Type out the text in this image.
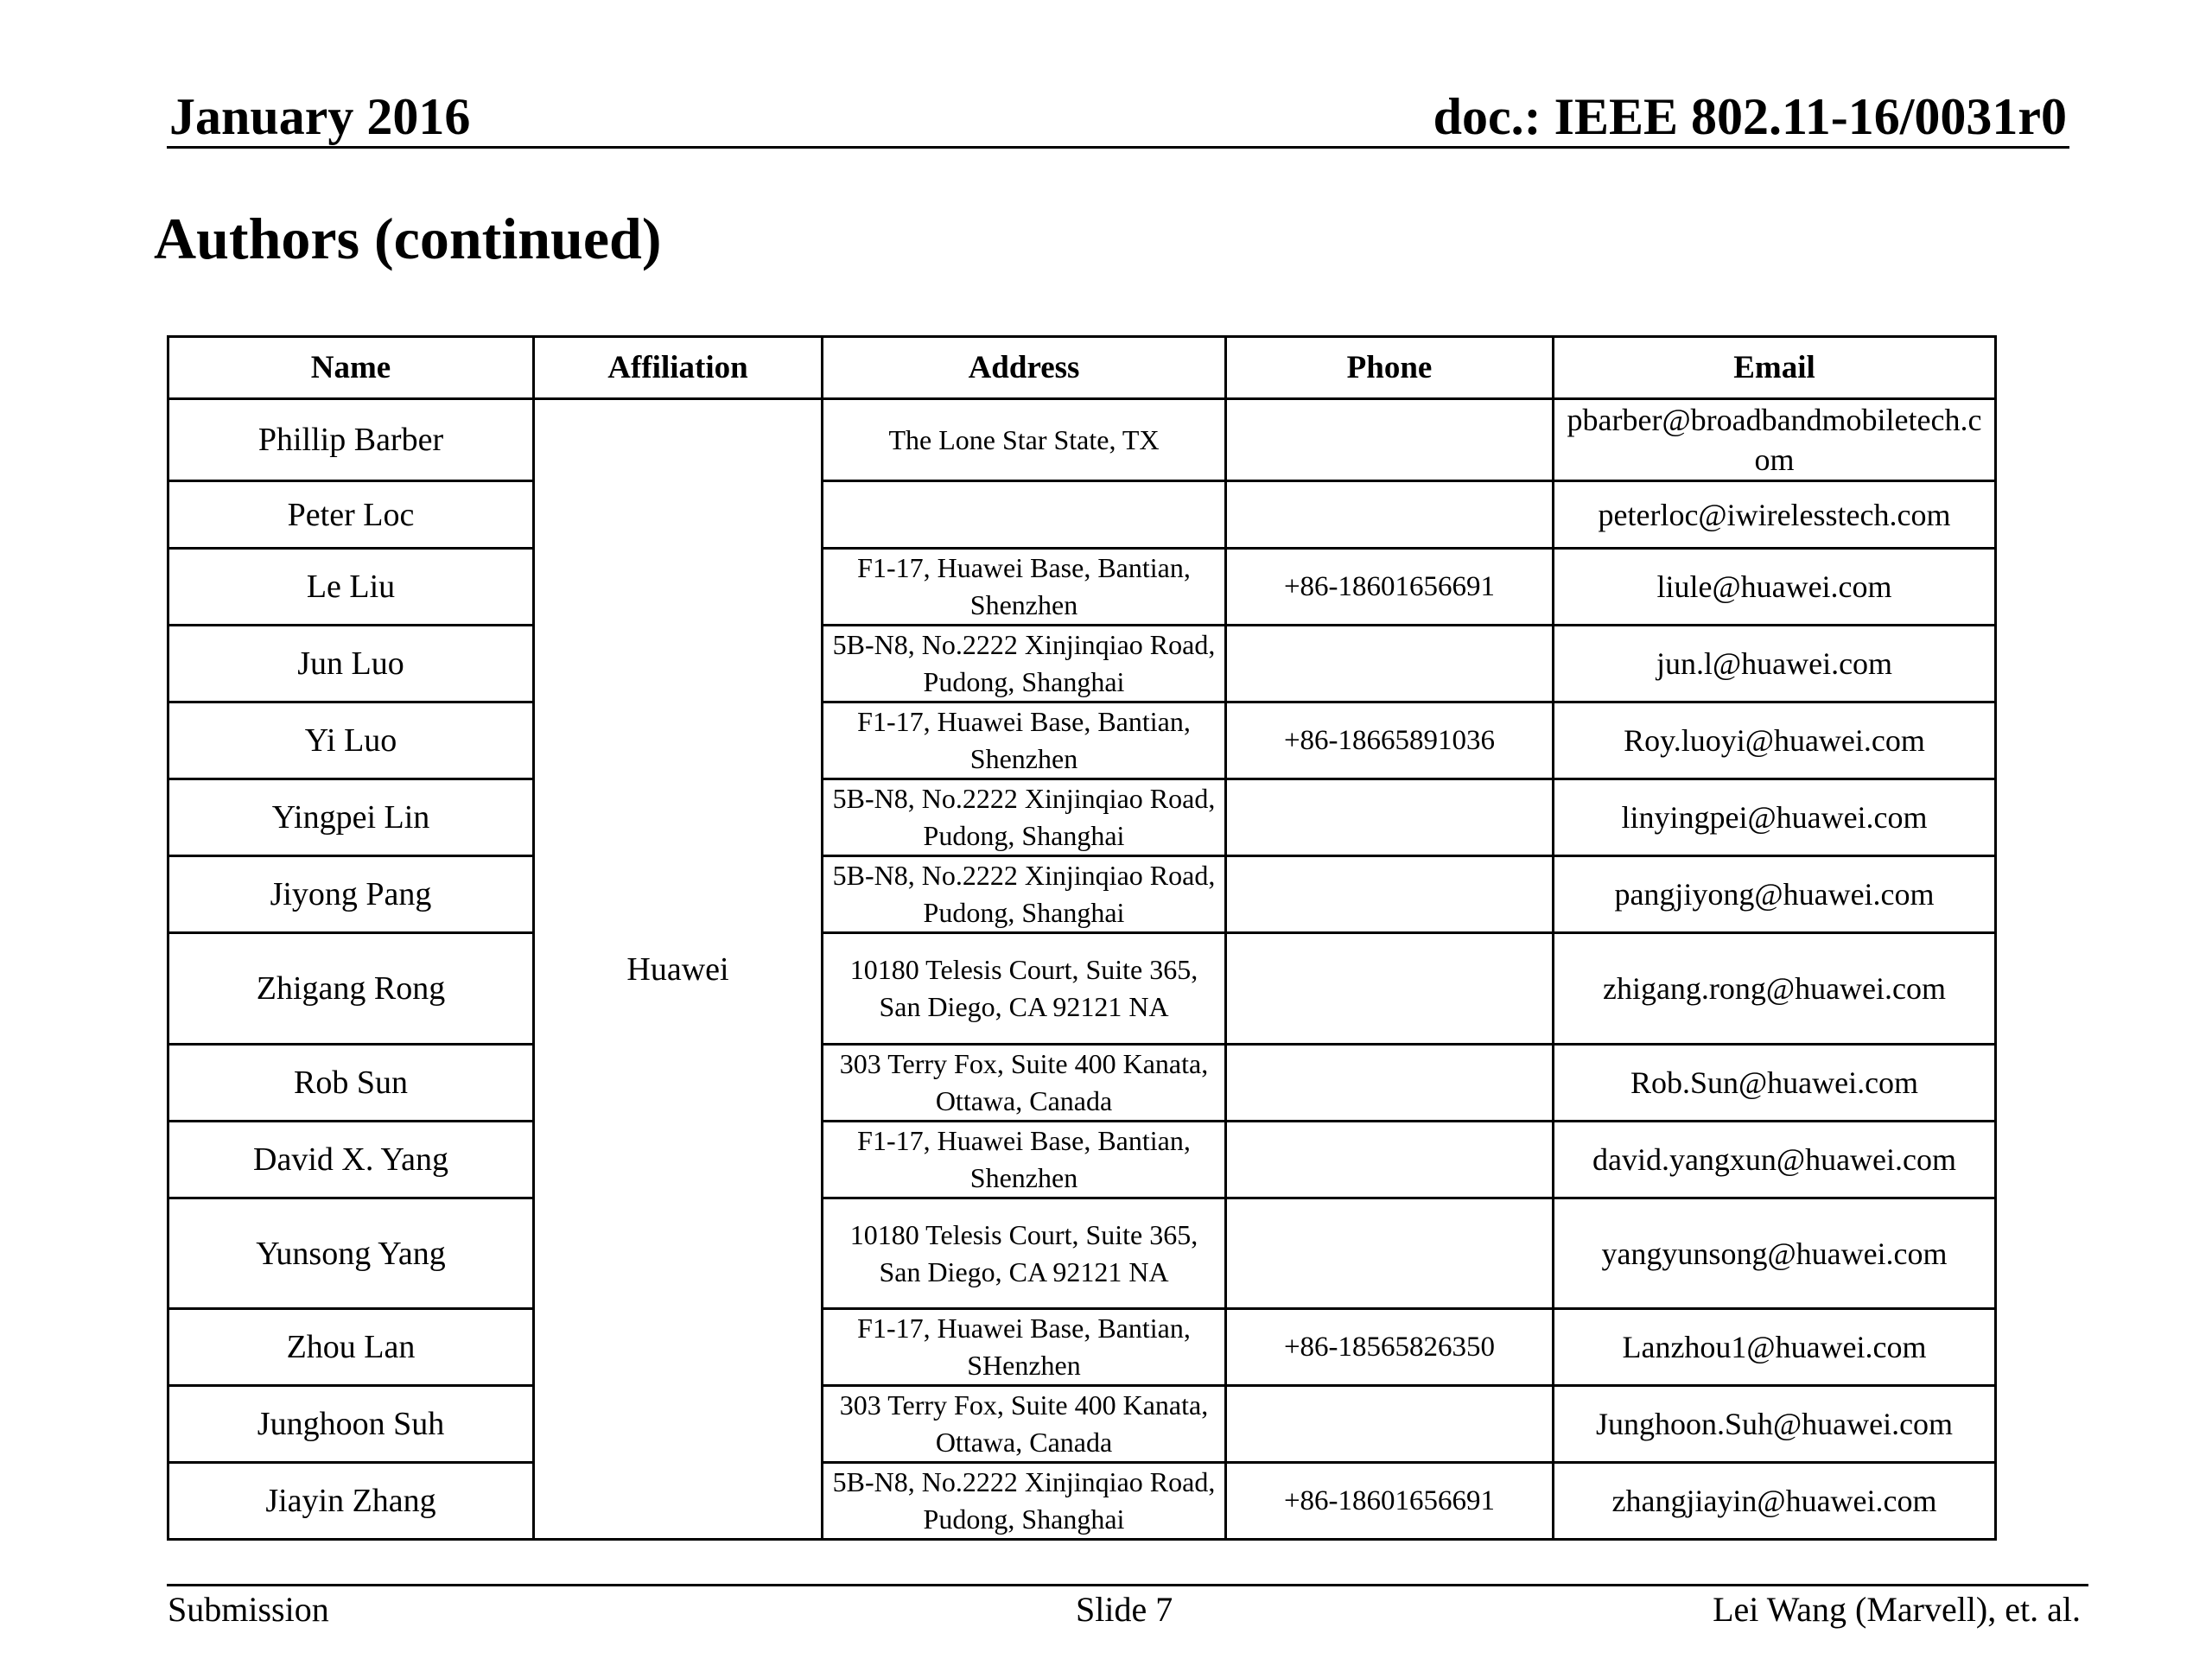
January 2016	doc.: IEEE 802.11-16/0031r0
Authors (continued)
Name	Affiliation	Address	Phone	Email
Phillip Barber	Huawei	The Lone Star State, TX		pbarber@broadbandmobiletech.com
Peter Loc				peterloc@iwirelesstech.com
Le Liu		F1-17, Huawei Base, Bantian, Shenzhen	+86-18601656691	liule@huawei.com
Jun Luo		5B-N8, No.2222 Xinjinqiao Road, Pudong, Shanghai		jun.l@huawei.com
Yi Luo		F1-17, Huawei Base, Bantian, Shenzhen	+86-18665891036	Roy.luoyi@huawei.com
Yingpei Lin		5B-N8, No.2222 Xinjinqiao Road, Pudong, Shanghai		linyingpei@huawei.com
Jiyong Pang		5B-N8, No.2222 Xinjinqiao Road, Pudong, Shanghai		pangjiyong@huawei.com
Zhigang Rong		10180 Telesis Court, Suite 365, San Diego, CA 92121 NA		zhigang.rong@huawei.com
Rob Sun		303 Terry Fox, Suite 400 Kanata, Ottawa, Canada		Rob.Sun@huawei.com
David X. Yang		F1-17, Huawei Base, Bantian, Shenzhen		david.yangxun@huawei.com
Yunsong Yang		10180 Telesis Court, Suite 365, San Diego, CA 92121 NA		yangyunsong@huawei.com
Zhou Lan		F1-17, Huawei Base, Bantian, SHenzhen	+86-18565826350	Lanzhou1@huawei.com
Junghoon Suh		303 Terry Fox, Suite 400 Kanata, Ottawa, Canada		Junghoon.Suh@huawei.com
Jiayin Zhang		5B-N8, No.2222 Xinjinqiao Road, Pudong, Shanghai	+86-18601656691	zhangjiayin@huawei.com
Submission	Slide 7	Lei Wang (Marvell), et. al.
